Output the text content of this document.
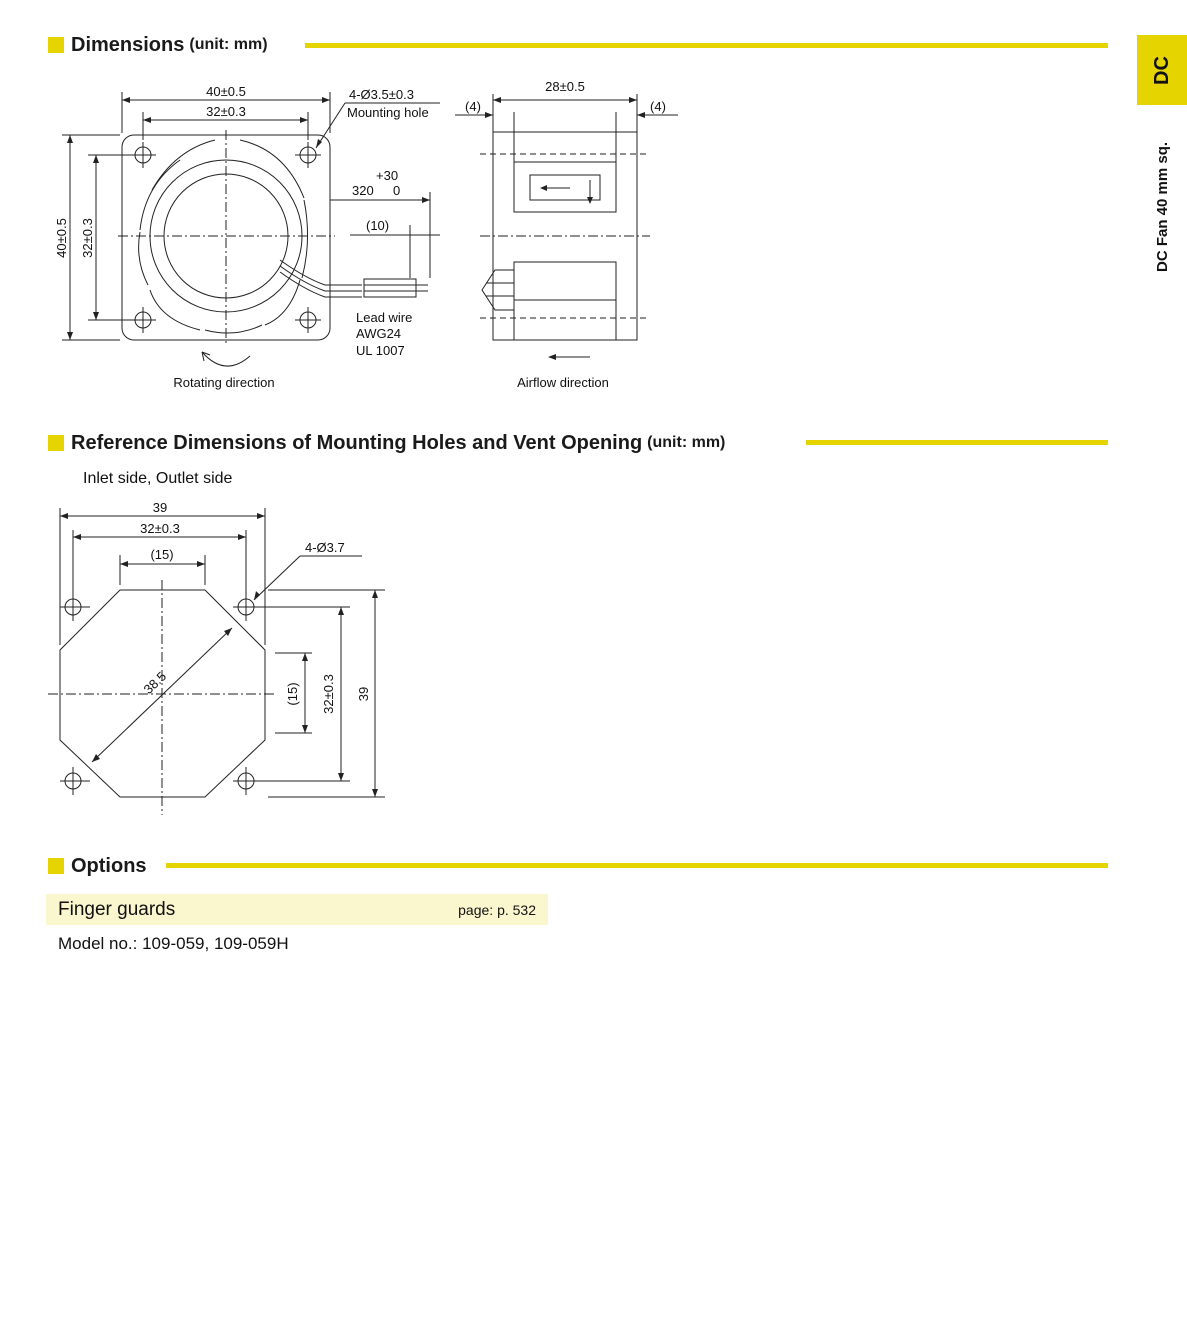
DC
DC Fan 40 mm sq.
Dimensions (unit: mm)
40±0.5
32±0.3
4-Ø3.5±0.3
Mounting hole
40±0.5 32±0.3
+30
320 0
(10)
Lead wire
AWG24
UL 1007
Rotating direction
28±0.5
(4)	(4)
Airflow direction
Reference Dimensions of Mounting Holes and Vent Opening (unit: mm)
Inlet side, Outlet side
39
32±0.3
(15)	4-Ø3.7
38.5	(15) 32±0.3 39
Options
Finger guards	page: p. 532
Model no.: 109-059, 109-059H
